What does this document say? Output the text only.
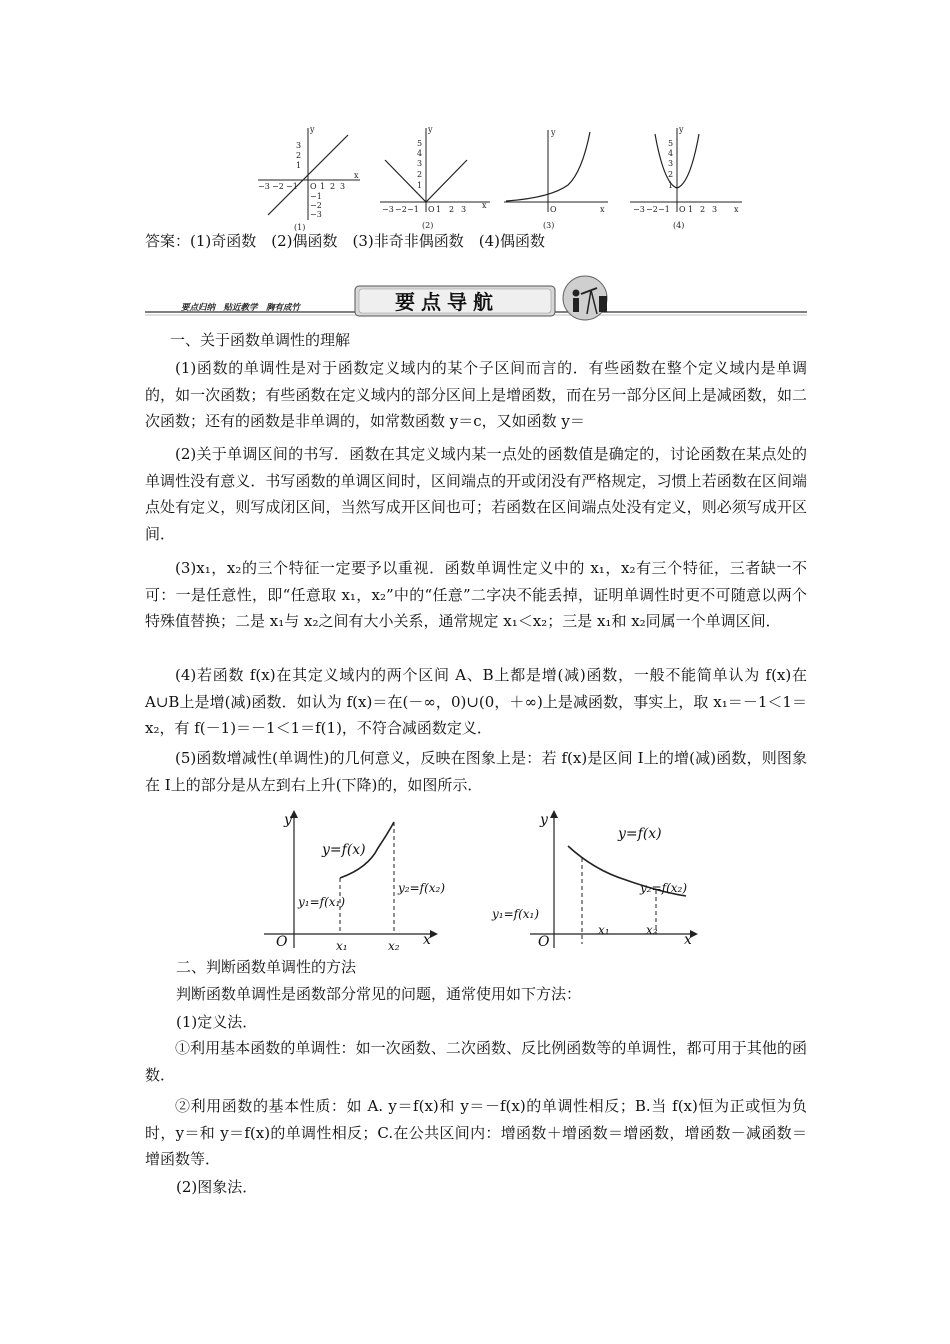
y
x
−3 −2 −1 O 1 2 3
3
2
1
−1
−2
−3
(1)
y
x
5
4
3
2
1
−3 −2 −1 O 1 2 3
(2)
y
x
O
(3)
y
x
5
4
3
2
1
−3 −2 −1 O 1 2 3
(4)
答案：(1)奇函数　(2)偶函数　(3)非奇非偶函数　(4)偶函数
要点归纳　贴近教学　胸有成竹	要点导航
一、关于函数单调性的理解
(1)函数的单调性是对于函数定义域内的某个子区间而言的．有些函数在整个定义域内是单调的，如一次函数；有些函数在定义域内的部分区间上是增函数，而在另一部分区间上是减函数，如二次函数；还有的函数是非单调的，如常数函数 y＝c，又如函数 y＝
(2)关于单调区间的书写．函数在其定义域内某一点处的函数值是确定的，讨论函数在某点处的单调性没有意义．书写函数的单调区间时，区间端点的开或闭没有严格规定，习惯上若函数在区间端点处有定义，则写成闭区间，当然写成开区间也可；若函数在区间端点处没有定义，则必须写成开区间．
(3)x₁，x₂的三个特征一定要予以重视．函数单调性定义中的 x₁，x₂有三个特征，三者缺一不可：一是任意性，即“任意取 x₁，x₂”中的“任意”二字决不能丢掉，证明单调性时更不可随意以两个特殊值替换；二是 x₁与 x₂之间有大小关系，通常规定 x₁＜x₂；三是 x₁和 x₂同属一个单调区间．
(4)若函数 f(x)在其定义域内的两个区间 A、B上都是增(减)函数，一般不能简单认为 f(x)在 A∪B上是增(减)函数．如认为 f(x)＝在(－∞，0)∪(0，＋∞)上是减函数，事实上，取 x₁＝－1＜1＝x₂，有 f(－1)＝－1＜1＝f(1)，不符合减函数定义．
(5)函数增减性(单调性)的几何意义，反映在图象上是：若 f(x)是区间 I上的增(减)函数，则图象在 I上的部分是从左到右上升(下降)的，如图所示．
y
x
O
y=f(x)
y₁=f(x₁)
y₂=f(x₂)
x₁	x₂
y
x
O
y=f(x)
y₁=f(x₁)
y₂=f(x₂)
x₁	x₂
二、判断函数单调性的方法
判断函数单调性是函数部分常见的问题，通常使用如下方法：
(1)定义法．
①利用基本函数的单调性：如一次函数、二次函数、反比例函数等的单调性，都可用于其他的函数．
②利用函数的基本性质：如 A. y＝f(x)和 y＝－f(x)的单调性相反；B.当 f(x)恒为正或恒为负时，y＝和 y＝f(x)的单调性相反；C.在公共区间内：增函数＋增函数＝增函数，增函数－减函数＝增函数等．
(2)图象法．
